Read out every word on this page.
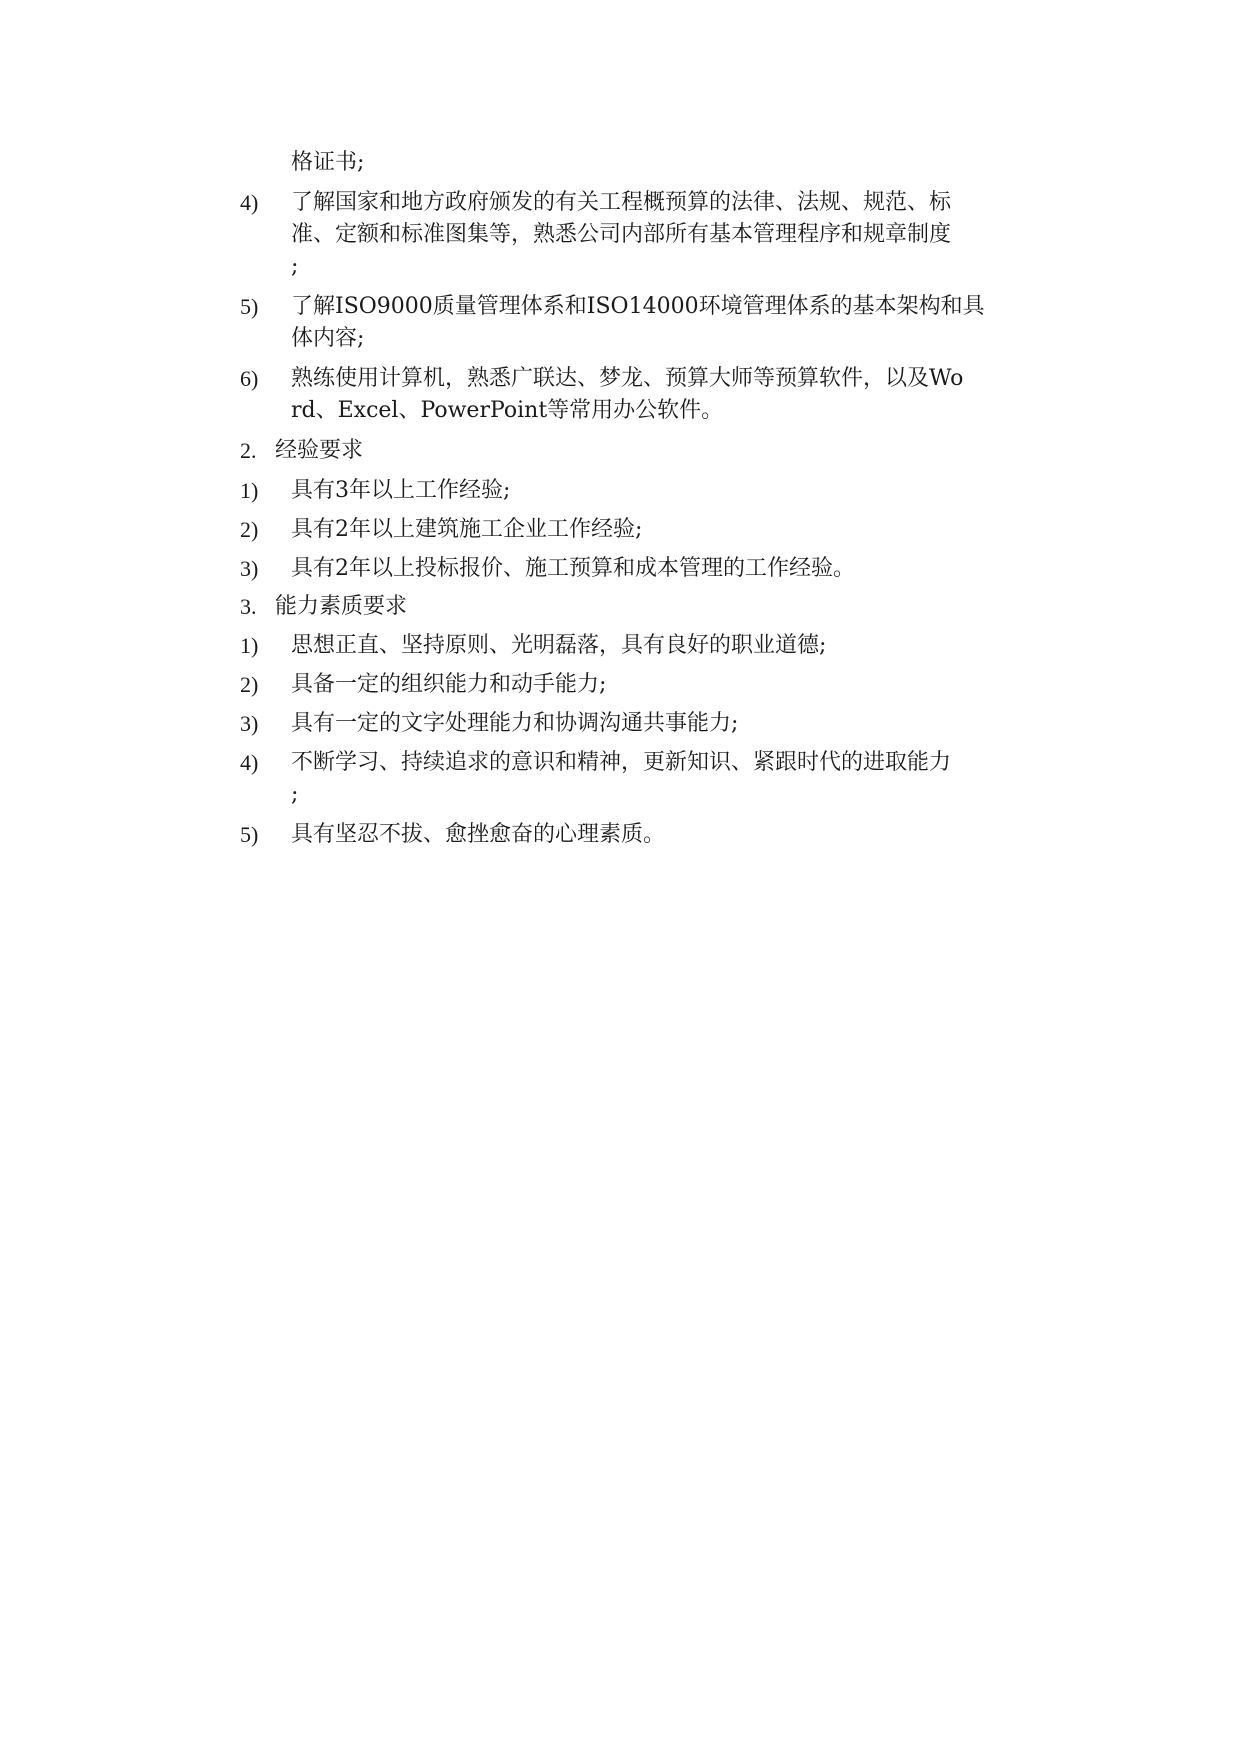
格证书;
4) 了解国家和地方政府颁发的有关工程概预算的法律、法规、规范、标
准、定额和标准图集等，熟悉公司内部所有基本管理程序和规章制度
;
5) 了解ISO9000质量管理体系和ISO14000环境管理体系的基本架构和具
体内容;
6) 熟练使用计算机，熟悉广联达、梦龙、预算大师等预算软件，以及Wo
rd、Excel、PowerPoint等常用办公软件。
2. 经验要求
1) 具有3年以上工作经验;
2) 具有2年以上建筑施工企业工作经验;
3) 具有2年以上投标报价、施工预算和成本管理的工作经验。
3. 能力素质要求
1) 思想正直、坚持原则、光明磊落，具有良好的职业道德;
2) 具备一定的组织能力和动手能力;
3) 具有一定的文字处理能力和协调沟通共事能力;
4) 不断学习、持续追求的意识和精神，更新知识、紧跟时代的进取能力
;
5) 具有坚忍不拔、愈挫愈奋的心理素质。
